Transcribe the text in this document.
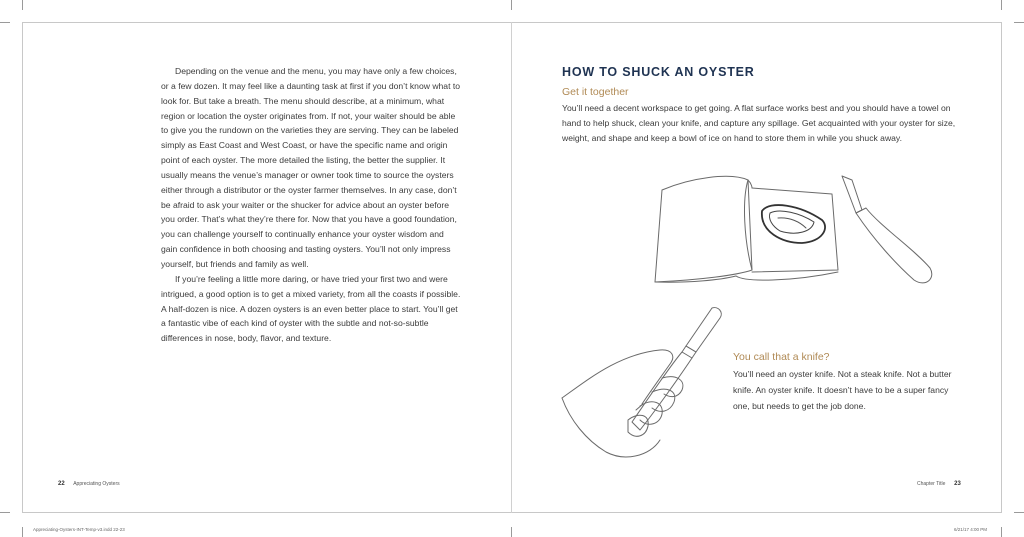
Depending on the venue and the menu, you may have only a few choices, or a few dozen. It may feel like a daunting task at first if you don’t know what to look for. But take a breath. The menu should describe, at a minimum, what region or location the oyster originates from. If not, your waiter should be able to give you the rundown on the varieties they are serving. They can be labeled simply as East Coast and West Coast, or have the specific name and origin point of each oyster. The more detailed the listing, the better the supplier. It usually means the venue’s manager or owner took time to source the oysters either through a distributor or the oyster farmer themselves. In any case, don’t be afraid to ask your waiter or the shucker for advice about an oyster before you order. That’s what they’re there for. Now that you have a good foundation, you can challenge yourself to continually enhance your oyster wisdom and gain confidence in both choosing and tasting oysters. You’ll not only impress yourself, but friends and family as well.

If you’re feeling a little more daring, or have tried your first two and were intrigued, a good option is to get a mixed variety, from all the coasts if possible. A half-dozen is nice. A dozen oysters is an even better place to start. You’ll get a fantastic vibe of each kind of oyster with the subtle and not-so-subtle differences in nose, body, flavor, and texture.

22 Appreciating Oysters
HOW TO SHUCK AN OYSTER
Get it together

You’ll need a decent workspace to get going. A flat surface works best and you should have a towel on hand to help shuck, clean your knife, and capture any spillage. Get acquainted with your oyster for size, weight, and shape and keep a bowl of ice on hand to store them in while you shuck away.

You call that a knife?

You’ll need an oyster knife. Not a steak knife. Not a butter knife. An oyster knife. It doesn’t have to be a super fancy one, but needs to get the job done.

Chapter Title 23
Appreciating-Oysters-INT-Temp-v3.indd 22-23	6/21/17 4:00 PM
